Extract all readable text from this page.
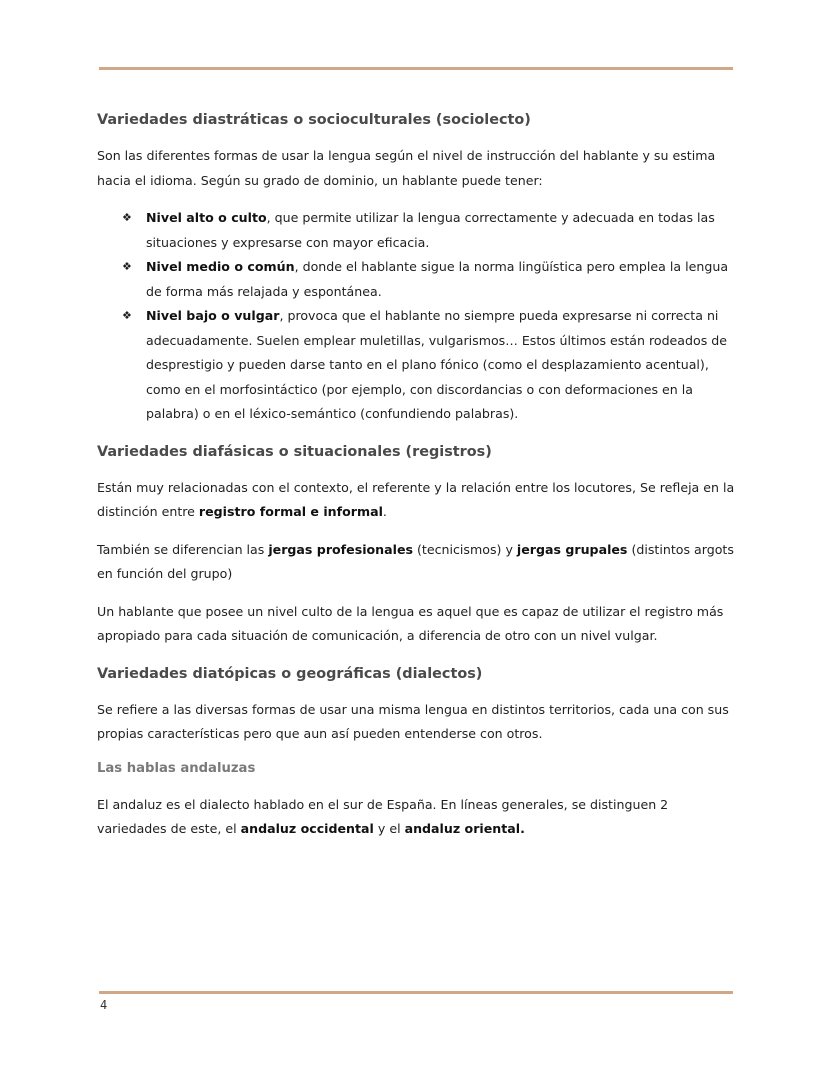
Variedades diastráticas o socioculturales (sociolecto)

Son las diferentes formas de usar la lengua según el nivel de instrucción del hablante y su estima hacia el idioma. Según su grado de dominio, un hablante puede tener:

❖ Nivel alto o culto, que permite utilizar la lengua correctamente y adecuada en todas las situaciones y expresarse con mayor eficacia.
❖ Nivel medio o común, donde el hablante sigue la norma lingüística pero emplea la lengua de forma más relajada y espontánea.
❖ Nivel bajo o vulgar, provoca que el hablante no siempre pueda expresarse ni correcta ni adecuadamente. Suelen emplear muletillas, vulgarismos… Estos últimos están rodeados de desprestigio y pueden darse tanto en el plano fónico (como el desplazamiento acentual), como en el morfosintáctico (por ejemplo, con discordancias o con deformaciones en la palabra) o en el léxico-semántico (confundiendo palabras).
Variedades diafásicas o situacionales (registros)

Están muy relacionadas con el contexto, el referente y la relación entre los locutores, Se refleja en la distinción entre registro formal e informal.

También se diferencian las jergas profesionales (tecnicismos) y jergas grupales (distintos argots en función del grupo)

Un hablante que posee un nivel culto de la lengua es aquel que es capaz de utilizar el registro más apropiado para cada situación de comunicación, a diferencia de otro con un nivel vulgar.

Variedades diatópicas o geográficas (dialectos)

Se refiere a las diversas formas de usar una misma lengua en distintos territorios, cada una con sus propias características pero que aun así pueden entenderse con otros.

Las hablas andaluzas

El andaluz es el dialecto hablado en el sur de España. En líneas generales, se distinguen 2 variedades de este, el andaluz occidental y el andaluz oriental.

4
